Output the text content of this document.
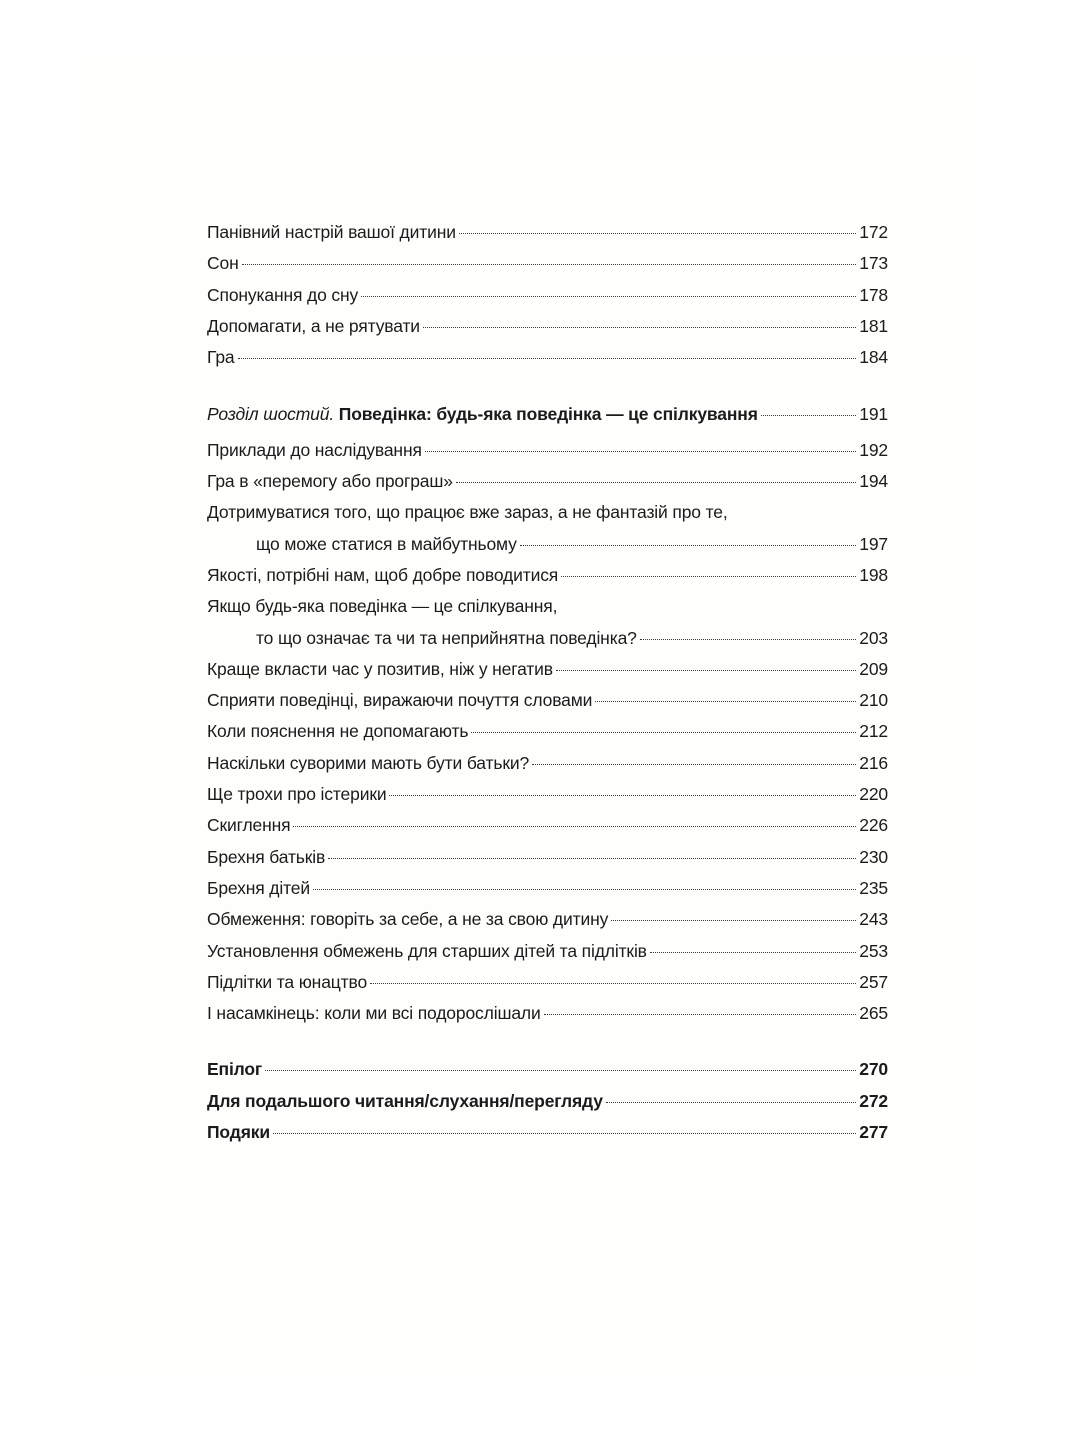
Панівний настрій вашої дитини	172
Сон	173
Спонукання до сну	178
Допомагати, а не рятувати	181
Гра	184
Розділ шостий. Поведінка: будь-яка поведінка — це спілкування	191
Приклади до наслідування	192
Гра в «перемогу або програш»	194
Дотримуватися того, що працює вже зараз, а не фантазій про те,
що може статися в майбутньому	197
Якості, потрібні нам, щоб добре поводитися	198
Якщо будь-яка поведінка — це спілкування,
то що означає та чи та неприйнятна поведінка?	203
Краще вкласти час у позитив, ніж у негатив	209
Сприяти поведінці, виражаючи почуття словами	210
Коли пояснення не допомагають	212
Наскільки суворими мають бути батьки?	216
Ще трохи про істерики	220
Скиглення	226
Брехня батьків	230
Брехня дітей	235
Обмеження: говоріть за себе, а не за свою дитину	243
Установлення обмежень для старших дітей та підлітків	253
Підлітки та юнацтво	257
І насамкінець: коли ми всі подорослішали	265
Епілог	270
Для подальшого читання/слухання/перегляду	272
Подяки	277
